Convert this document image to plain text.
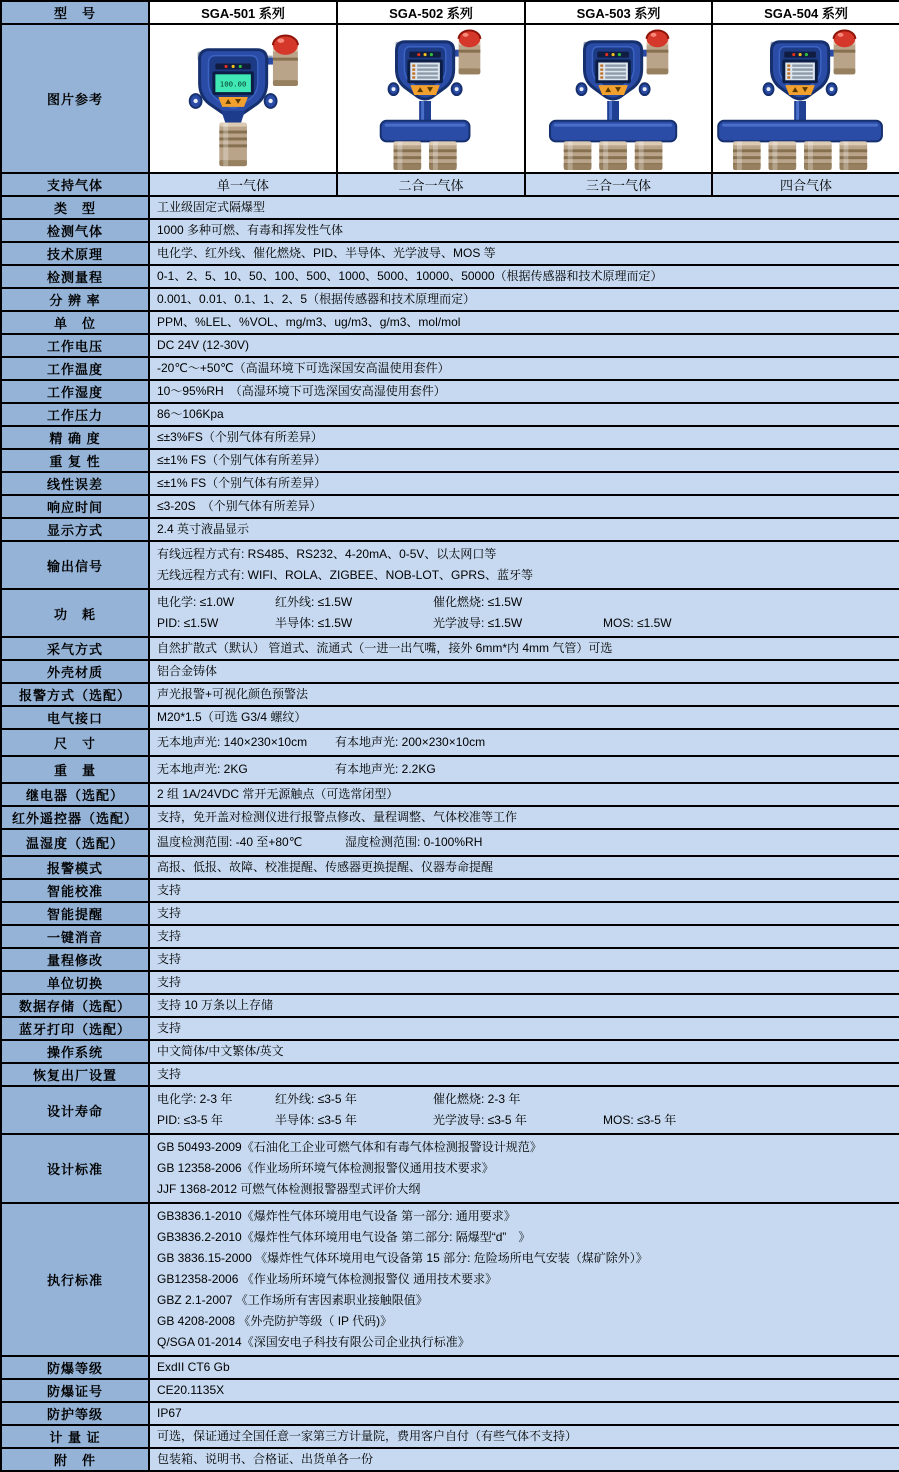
型　号	SGA-501 系列	SGA-502 系列	SGA-503 系列	SGA-504 系列
图片参考	100.00

支持气体	单一气体	二合一气体	三合一气体	四合气体
类　型	工业级固定式隔爆型			
检测气体	1000 多种可燃、有毒和挥发性气体			
技术原理	电化学、红外线、催化燃烧、PID、半导体、光学波导、MOS 等			
检测量程	0-1、2、5、10、50、100、500、1000、5000、10000、50000（根据传感器和技术原理而定）			
分 辨 率	0.001、0.01、0.1、1、2、5（根据传感器和技术原理而定）			
单　位	PPM、%LEL、%VOL、mg/m3、ug/m3、g/m3、mol/mol			
工作电压	DC 24V (12-30V)			
工作温度	-20℃～+50℃（高温环境下可选深国安高温使用套件）			
工作湿度	10～95%RH　（高湿环境下可选深国安高湿使用套件）			
工作压力	86～106Kpa			
精 确 度	≤±3%FS（个别气体有所差异）			
重 复 性	≤±1% FS（个别气体有所差异）			
线性误差	≤±1% FS（个别气体有所差异）			
响应时间	≤3-20S　（个别气体有所差异）			
显示方式	2.4 英寸液晶显示			
输出信号	有线远程方式有: RS485、RS232、4-20mA、0-5V、以太网口等
无线远程方式有: WIFI、ROLA、ZIGBEE、NOB-LOT、GPRS、蓝牙等			

功　耗	
电化学: ≤1.0W	红外线: ≤1.5W	催化燃烧: ≤1.5W
PID: ≤1.5W	半导体: ≤1.5W	光学波导: ≤1.5W	MOS: ≤1.5W

采气方式	自然扩散式（默认） 管道式、流通式（一进一出气嘴，接外 6mm*内 4mm 气管）可选			
外壳材质	铝合金铸体			
报警方式（选配）	声光报警+可视化颜色预警法			
电气接口	M20*1.5（可选 G3/4 螺纹）			
尺　寸	无本地声光: 140×230×10cm 有本地声光: 200×230×10cm			

重　量	无本地声光: 2KG 有本地声光: 2.2KG			

继电器（选配）	2 组 1A/24VDC 常开无源触点（可选常闭型）			
红外遥控器（选配）	支持，免开盖对检测仪进行报警点修改、量程调整、气体校准等工作			
温湿度（选配）	温度检测范围: -40 至+80℃ 湿度检测范围: 0-100%RH			

报警模式	高报、低报、故障、校准提醒、传感器更换提醒、仪器寿命提醒			
智能校准	支持			
智能提醒	支持			
一键消音	支持			
量程修改	支持			
单位切换	支持			
数据存储（选配）	支持 10 万条以上存储			
蓝牙打印（选配）	支持			
操作系统	中文简体/中文繁体/英文			
恢复出厂设置	支持			
设计寿命	
电化学: 2-3 年	红外线: ≤3-5 年	催化燃烧: 2-3 年
PID: ≤3-5 年	半导体: ≤3-5 年	光学波导: ≤3-5 年	MOS: ≤3-5 年

设计标准	GB 50493-2009《石油化工企业可燃气体和有毒气体检测报警设计规范》
GB 12358-2006《作业场所环境气体检测报警仪通用技术要求》
JJF 1368-2012 可燃气体检测报警器型式评价大纲			

执行标准	
GB3836.1-2010《爆炸性气体环境用电气设备 第一部分: 通用要求》
GB3836.2-2010《爆炸性气体环境用电气设备 第二部分: 隔爆型“d”　》
GB 3836.15-2000 《爆炸性气体环境用电气设备第 15 部分: 危险场所电气安装（煤矿除外）》
GB12358-2006 《作业场所环境气体检测报警仪 通用技术要求》
GBZ 2.1-2007 《工作场所有害因素职业接触限值》
GB 4208-2008 《外壳防护等级（ IP 代码)》
Q/SGA 01-2014《深国安电子科技有限公司企业执行标准》

防爆等级	ExdII CT6 Gb			
防爆证号	CE20.1135X			
防护等级	IP67			
计 量 证	可选，保证通过全国任意一家第三方计量院，费用客户自付（有些气体不支持）			
附　件	包装箱、说明书、合格证、出货单各一份			
